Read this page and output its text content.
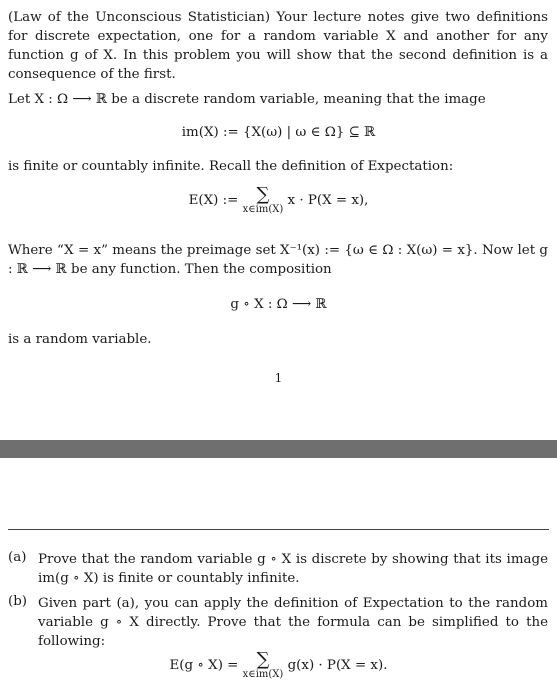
(Law of the Unconscious Statistician) Your lecture notes give two definitions for discrete expectation, one for a random variable X and another for any function g of X. In this problem you will show that the second definition is a consequence of the first.

Let X : Ω ⟶ ℝ be a discrete random variable, meaning that the image

im(X) := {X(ω) | ω ∈ Ω} ⊆ ℝ

is finite or countably infinite. Recall the definition of Expectation:

E(X) :=	∑
x∈im(X)
x · P(X = x),

Where “X = x” means the preimage set X⁻¹(x) := {ω ∈ Ω : X(ω) = x}. Now let g : ℝ ⟶ ℝ be any function. Then the composition

g ∘ X : Ω ⟶ ℝ

is a random variable.

1
(a) Prove that the random variable g ∘ X is discrete by showing that its image im(g ∘ X) is finite or countably infinite.
(b) Given part (a), you can apply the definition of Expectation to the random variable g ∘ X directly. Prove that the formula can be simplified to the following:
E(g ∘ X) =	∑
x∈im(X)
g(x) · P(X = x).
